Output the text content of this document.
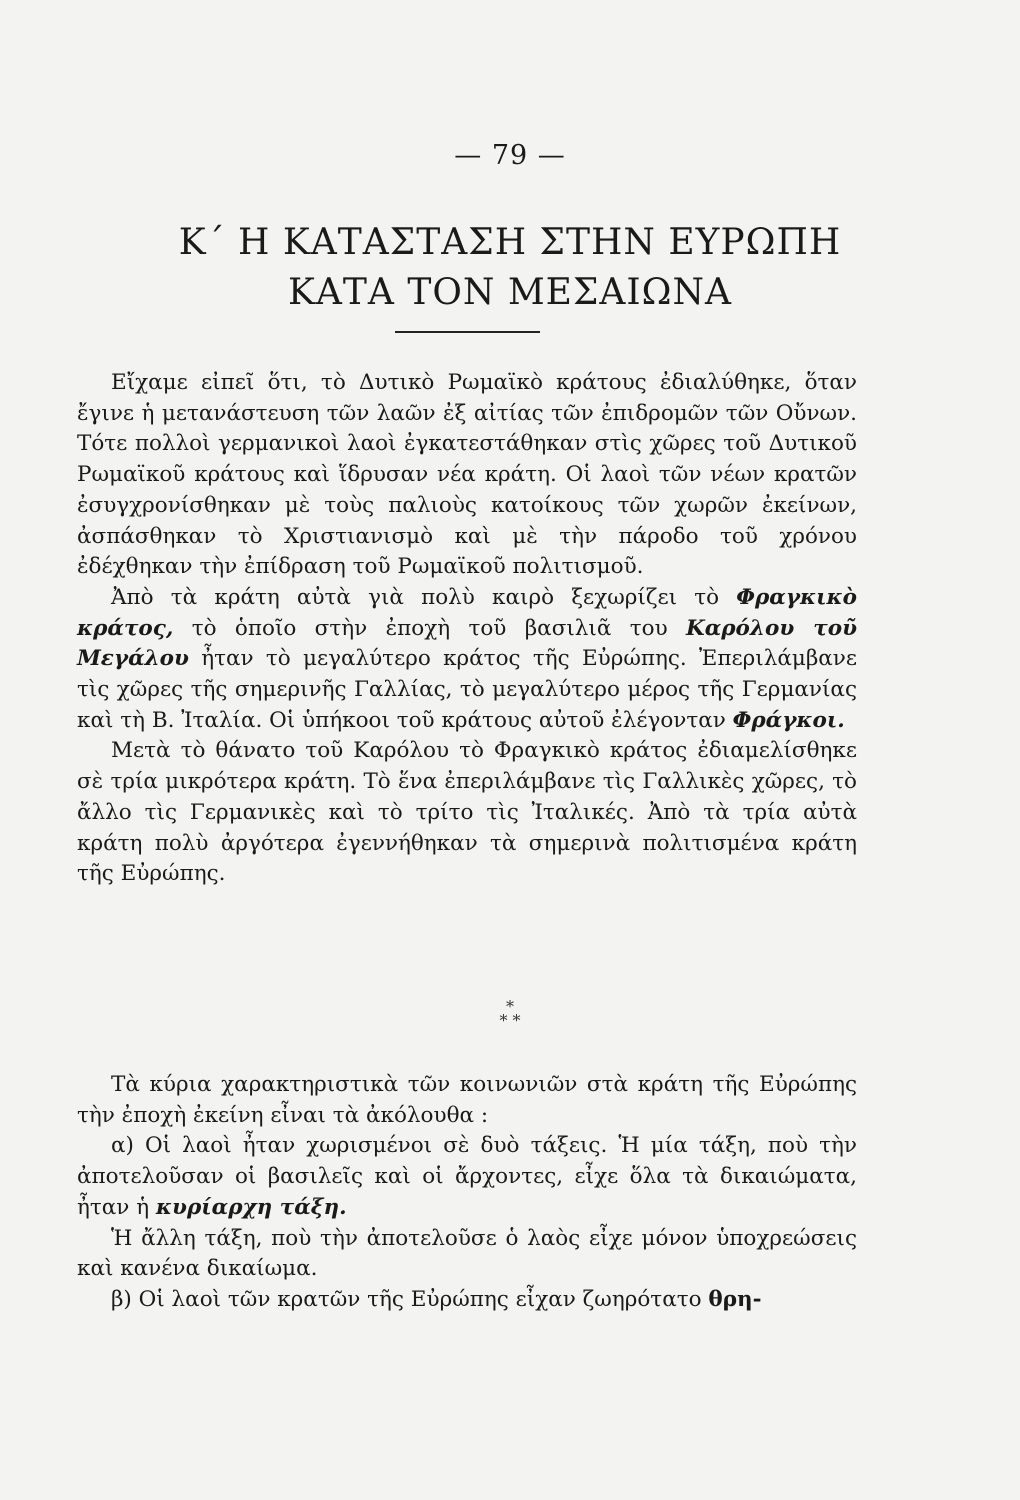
— 79 —
Κ΄ Η ΚΑΤΑΣΤΑΣΗ ΣΤΗΝ ΕΥΡΩΠΗ
ΚΑΤΑ ΤΟΝ ΜΕΣΑΙΩΝΑ

Εἴχαμε εἰπεῖ ὅτι, τὸ Δυτικὸ Ρωμαϊκὸ κράτους ἐδιαλύθηκε, ὅταν ἔγινε ἡ μετανάστευση τῶν λαῶν ἐξ αἰτίας τῶν ἐπιδρομῶν τῶν Οὔνων. Τότε πολλοὶ γερμανικοὶ λαοὶ ἐγκατεστάθηκαν στὶς χῶρες τοῦ Δυτικοῦ Ρωμαϊκοῦ κράτους καὶ ἵδρυσαν νέα κράτη. Οἱ λαοὶ τῶν νέων κρατῶν ἐσυγχρονίσθηκαν μὲ τοὺς παλιοὺς κατοίκους τῶν χωρῶν ἐκείνων, ἀσπάσθηκαν τὸ Χριστιανισμὸ καὶ μὲ τὴν πάροδο τοῦ χρόνου ἐδέχθηκαν τὴν ἐπίδραση τοῦ Ρωμαϊκοῦ πολιτισμοῦ.

Ἀπὸ τὰ κράτη αὐτὰ γιὰ πολὺ καιρὸ ξεχωρίζει τὸ Φραγκικὸ κράτος, τὸ ὁποῖο στὴν ἐποχὴ τοῦ βασιλιᾶ του Καρόλου τοῦ Μεγάλου ἦταν τὸ μεγαλύτερο κράτος τῆς Εὐρώπης. Ἐπεριλάμβανε τὶς χῶρες τῆς σημερινῆς Γαλλίας, τὸ μεγαλύτερο μέρος τῆς Γερμανίας καὶ τὴ Β. Ἰταλία. Οἱ ὑπήκοοι τοῦ κράτους αὐτοῦ ἐλέγονταν Φράγκοι.

Μετὰ τὸ θάνατο τοῦ Καρόλου τὸ Φραγκικὸ κράτος ἐδιαμελίσθηκε σὲ τρία μικρότερα κράτη. Τὸ ἕνα ἐπεριλάμβανε τὶς Γαλλικὲς χῶρες, τὸ ἄλλο τὶς Γερμανικὲς καὶ τὸ τρίτο τὶς Ἰταλικές. Ἀπὸ τὰ τρία αὐτὰ κράτη πολὺ ἀργότερα ἐγεννήθηκαν τὰ σημερινὰ πολιτισμένα κράτη τῆς Εὐρώπης.

*
* *

Τὰ κύρια χαρακτηριστικὰ τῶν κοινωνιῶν στὰ κράτη τῆς Εὐρώπης τὴν ἐποχὴ ἐκείνη εἶναι τὰ ἀκόλουθα :

α) Οἱ λαοὶ ἦταν χωρισμένοι σὲ δυὸ τάξεις. Ἡ μία τάξη, ποὺ τὴν ἀποτελοῦσαν οἱ βασιλεῖς καὶ οἱ ἄρχοντες, εἶχε ὅλα τὰ δικαιώματα, ἦταν ἡ κυρίαρχη τάξη.

Ἡ ἄλλη τάξη, ποὺ τὴν ἀποτελοῦσε ὁ λαὸς εἶχε μόνον ὑποχρεώσεις καὶ κανένα δικαίωμα.

β) Οἱ λαοὶ τῶν κρατῶν τῆς Εὐρώπης εἶχαν ζωηρότατο θρη-
